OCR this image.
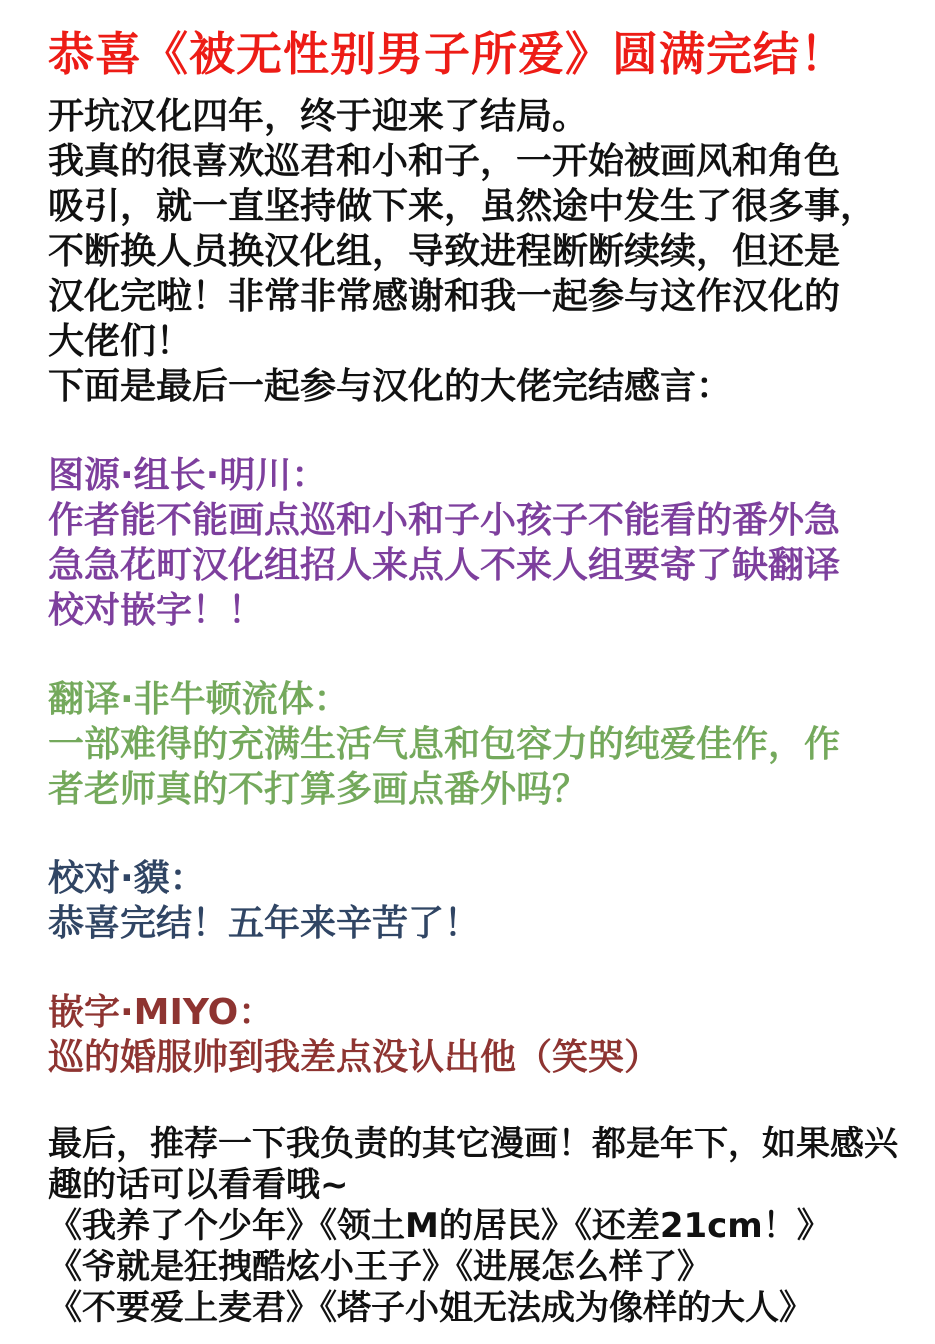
恭喜《被无性别男子所爱》圆满完结！
开坑汉化四年，终于迎来了结局。
我真的很喜欢巡君和小和子，一开始被画风和角色
吸引，就一直坚持做下来，虽然途中发生了很多事，
不断换人员换汉化组，导致进程断断续续，但还是
汉化完啦！非常非常感谢和我一起参与这作汉化的
大佬们！
下面是最后一起参与汉化的大佬完结感言：
图源·组长·明川：
作者能不能画点巡和小和子小孩子不能看的番外急
急急花町汉化组招人来点人不来人组要寄了缺翻译
校对嵌字！！
翻译·非牛顿流体：
一部难得的充满生活气息和包容力的纯爱佳作，作
者老师真的不打算多画点番外吗？
校对·貘：
恭喜完结！五年来辛苦了！
嵌字·MIYO：
巡的婚服帅到我差点没认出他（笑哭）
最后，推荐一下我负责的其它漫画！都是年下，如果感兴
趣的话可以看看哦~
《我养了个少年》《领土M的居民》《还差21cm！》
《爷就是狂拽酷炫小王子》《进展怎么样了》
《不要爱上麦君》《塔子小姐无法成为像样的大人》
